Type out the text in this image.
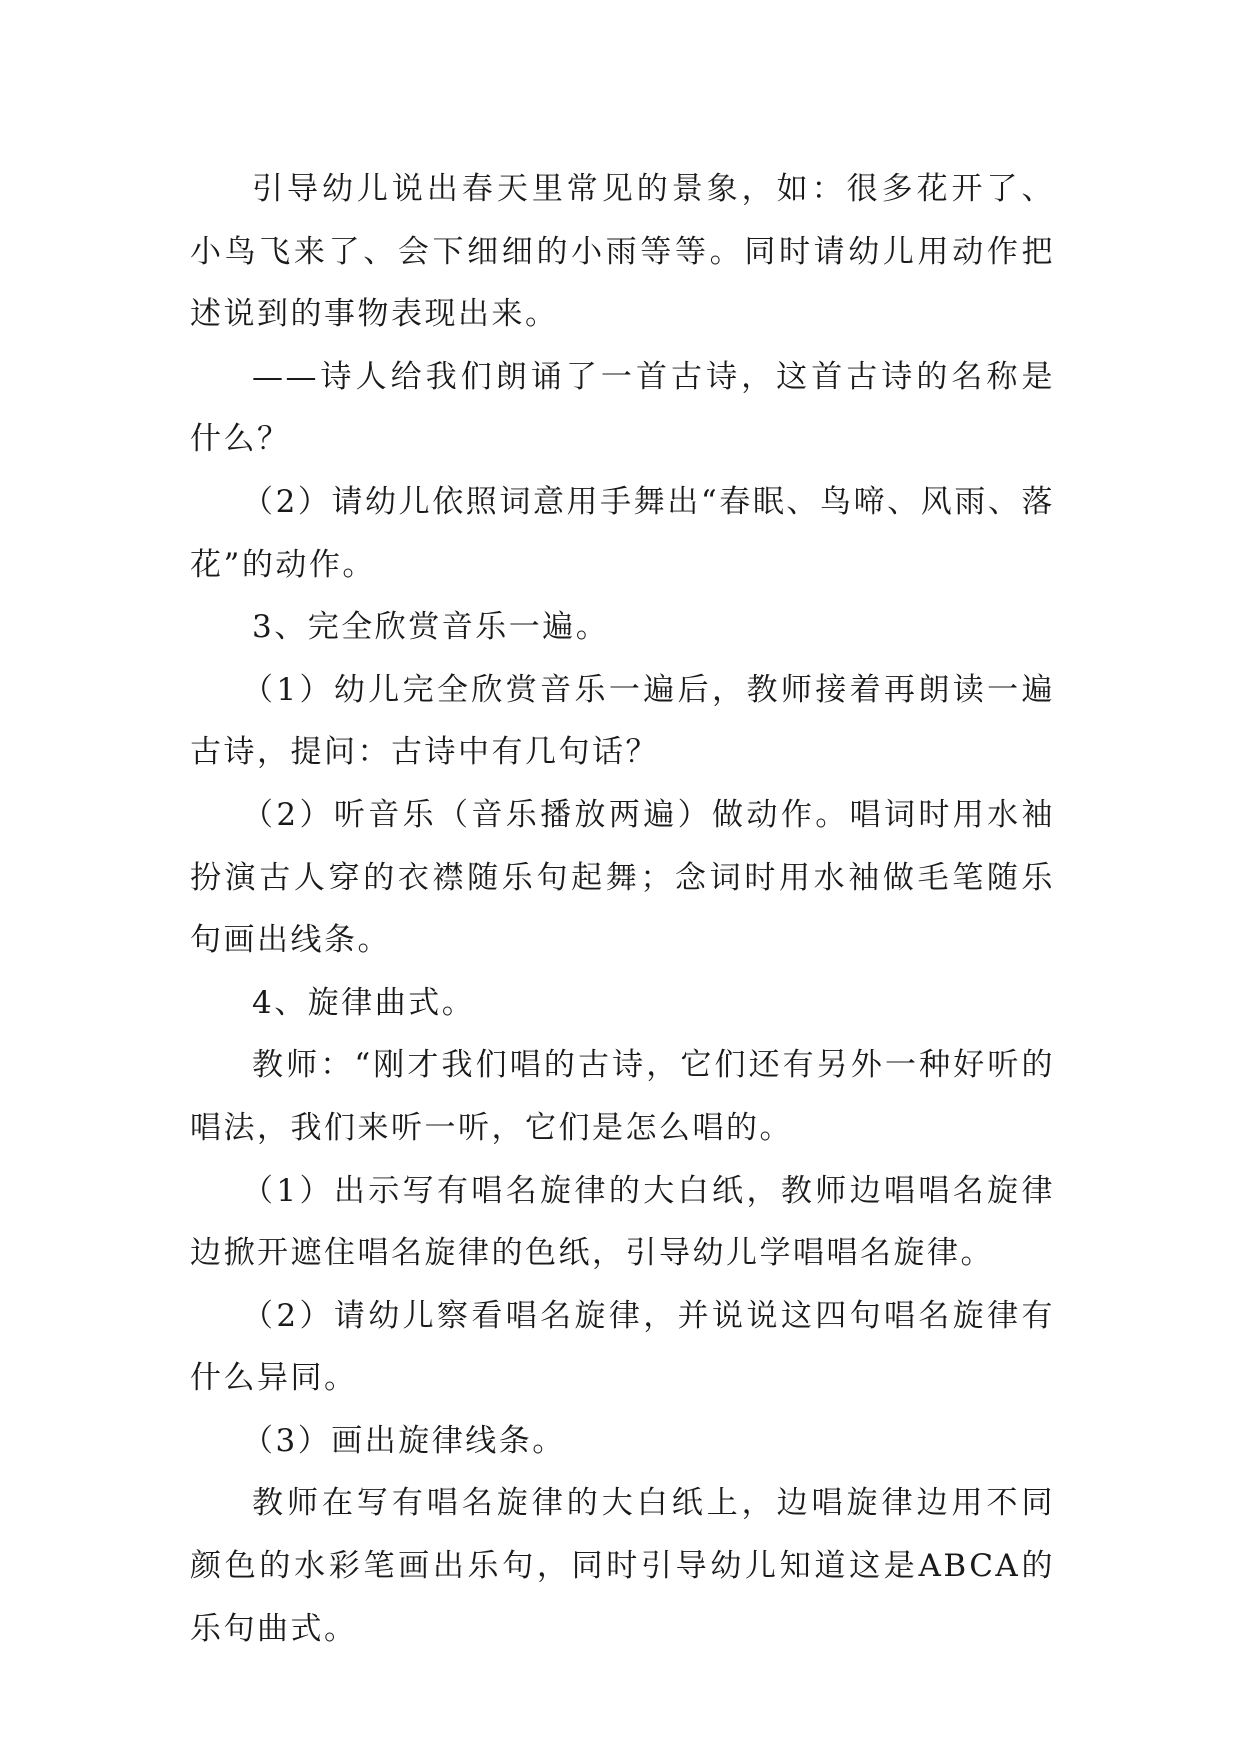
引导幼儿说出春天里常见的景象，如：很多花开了、小鸟飞来了、会下细细的小雨等等。同时请幼儿用动作把述说到的事物表现出来。

——诗人给我们朗诵了一首古诗，这首古诗的名称是什么？

（2）请幼儿依照词意用手舞出“春眠、鸟啼、风雨、落花”的动作。

3、完全欣赏音乐一遍。

（1）幼儿完全欣赏音乐一遍后，教师接着再朗读一遍古诗，提问：古诗中有几句话？

（2）听音乐（音乐播放两遍）做动作。唱词时用水袖扮演古人穿的衣襟随乐句起舞；念词时用水袖做毛笔随乐句画出线条。

4、旋律曲式。

教师：“刚才我们唱的古诗，它们还有另外一种好听的唱法，我们来听一听，它们是怎么唱的。

（1）出示写有唱名旋律的大白纸，教师边唱唱名旋律边掀开遮住唱名旋律的色纸，引导幼儿学唱唱名旋律。

（2）请幼儿察看唱名旋律，并说说这四句唱名旋律有什么异同。

（3）画出旋律线条。

教师在写有唱名旋律的大白纸上，边唱旋律边用不同颜色的水彩笔画出乐句，同时引导幼儿知道这是ABCA的乐句曲式。
